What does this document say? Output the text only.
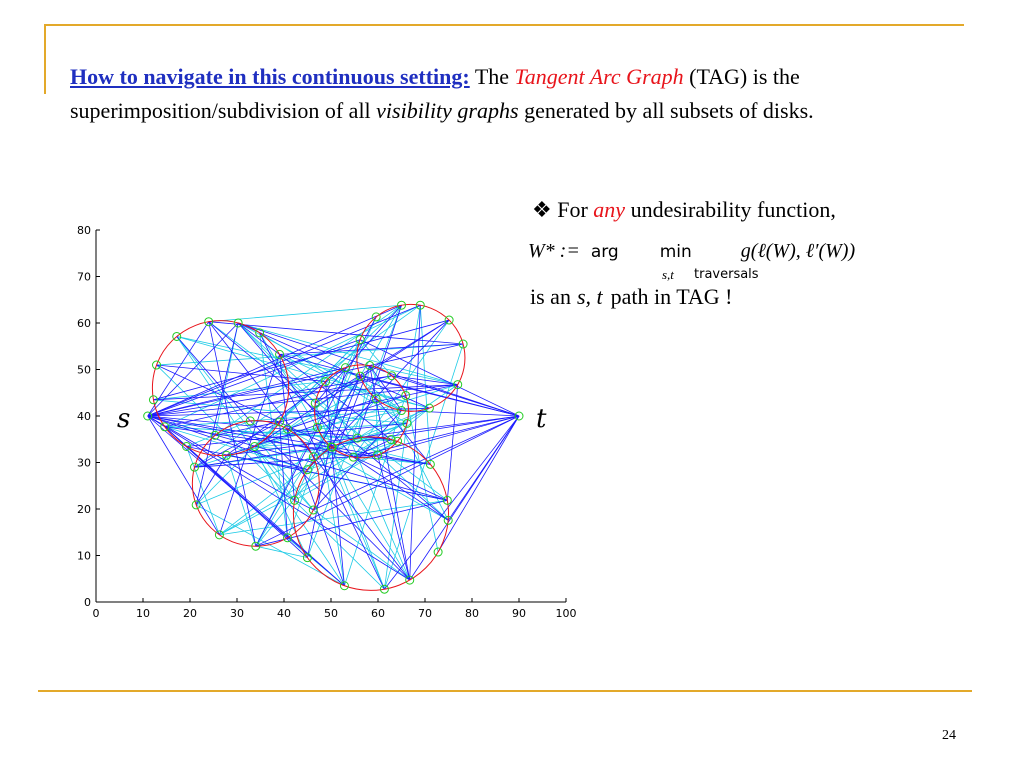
How to navigate in this continuous setting: The Tangent Arc Graph (TAG) is the superimposition/subdivision of all visibility graphs generated by all subsets of disks.
❖ For any undesirability function,
W* := arg min
s,t traversals
g(ℓ(W), ℓ′(W))
is an s, t path in TAG !
0	10	20	30	40	50	60	70	80	90	100
0
10
20
30
40
50
60
70
80
s	t
24
